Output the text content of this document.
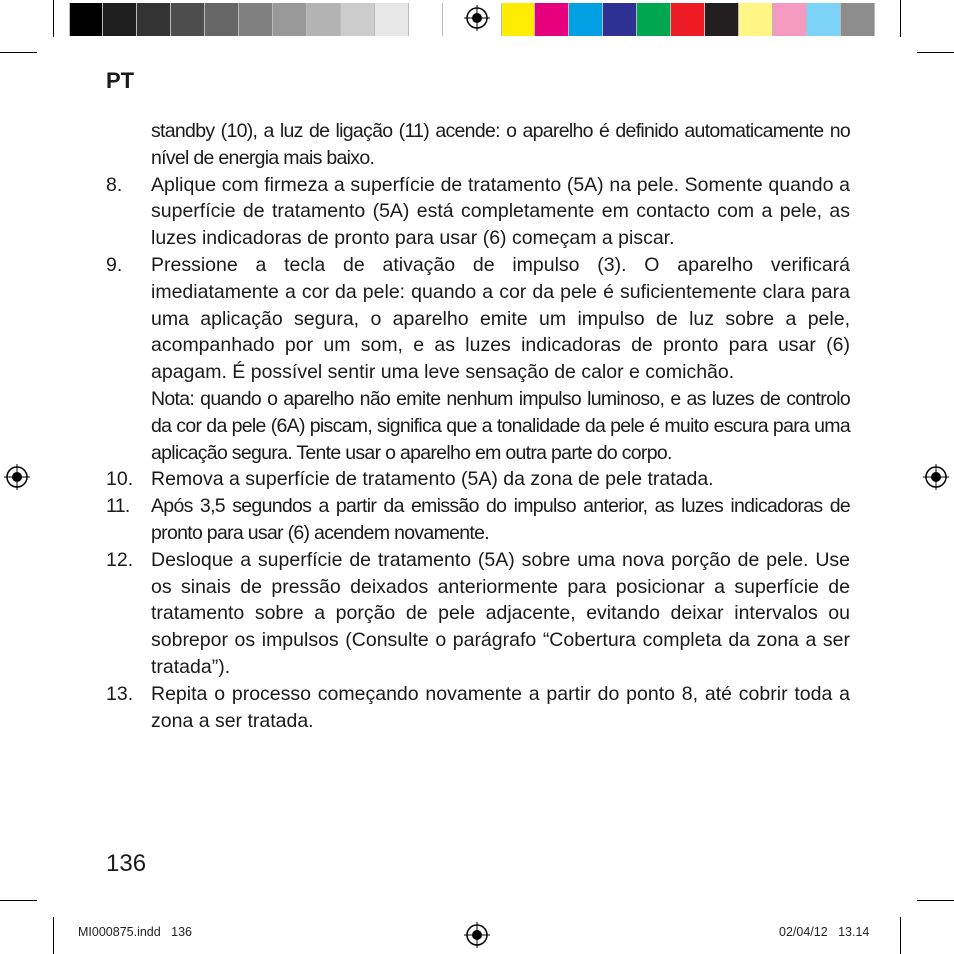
PT
standby (10), a luz de ligação (11) acende: o aparelho é definido automaticamente no nível de energia mais baixo.
8. Aplique com firmeza a superfície de tratamento (5A) na pele. Somente quando a superfície de tratamento (5A) está completamente em contacto com a pele, as luzes indicadoras de pronto para usar (6) começam a piscar.
9. Pressione a tecla de ativação de impulso (3). O aparelho verificará imediatamente a cor da pele: quando a cor da pele é suficientemente clara para uma aplicação segura, o aparelho emite um impulso de luz sobre a pele, acompanhado por um som, e as luzes indicadoras de pronto para usar (6) apagam. É possível sentir uma leve sensação de calor e comichão.
Nota: quando o aparelho não emite nenhum impulso luminoso, e as luzes de controlo da cor da pele (6A) piscam, significa que a tonalidade da pele é muito escura para uma aplicação segura. Tente usar o aparelho em outra parte do corpo.
10. Remova a superfície de tratamento (5A) da zona de pele tratada.
11. Após 3,5 segundos a partir da emissão do impulso anterior, as luzes indicadoras de pronto para usar (6) acendem novamente.
12. Desloque a superfície de tratamento (5A) sobre uma nova porção de pele. Use os sinais de pressão deixados anteriormente para posicionar a superfície de tratamento sobre a porção de pele adjacente, evitando deixar intervalos ou sobrepor os impulsos (Consulte o parágrafo “Cobertura completa da zona a ser tratada”).
13. Repita o processo começando novamente a partir do ponto 8, até cobrir toda a zona a ser tratada.
136
MI000875.indd   136	02/04/12   13.14
